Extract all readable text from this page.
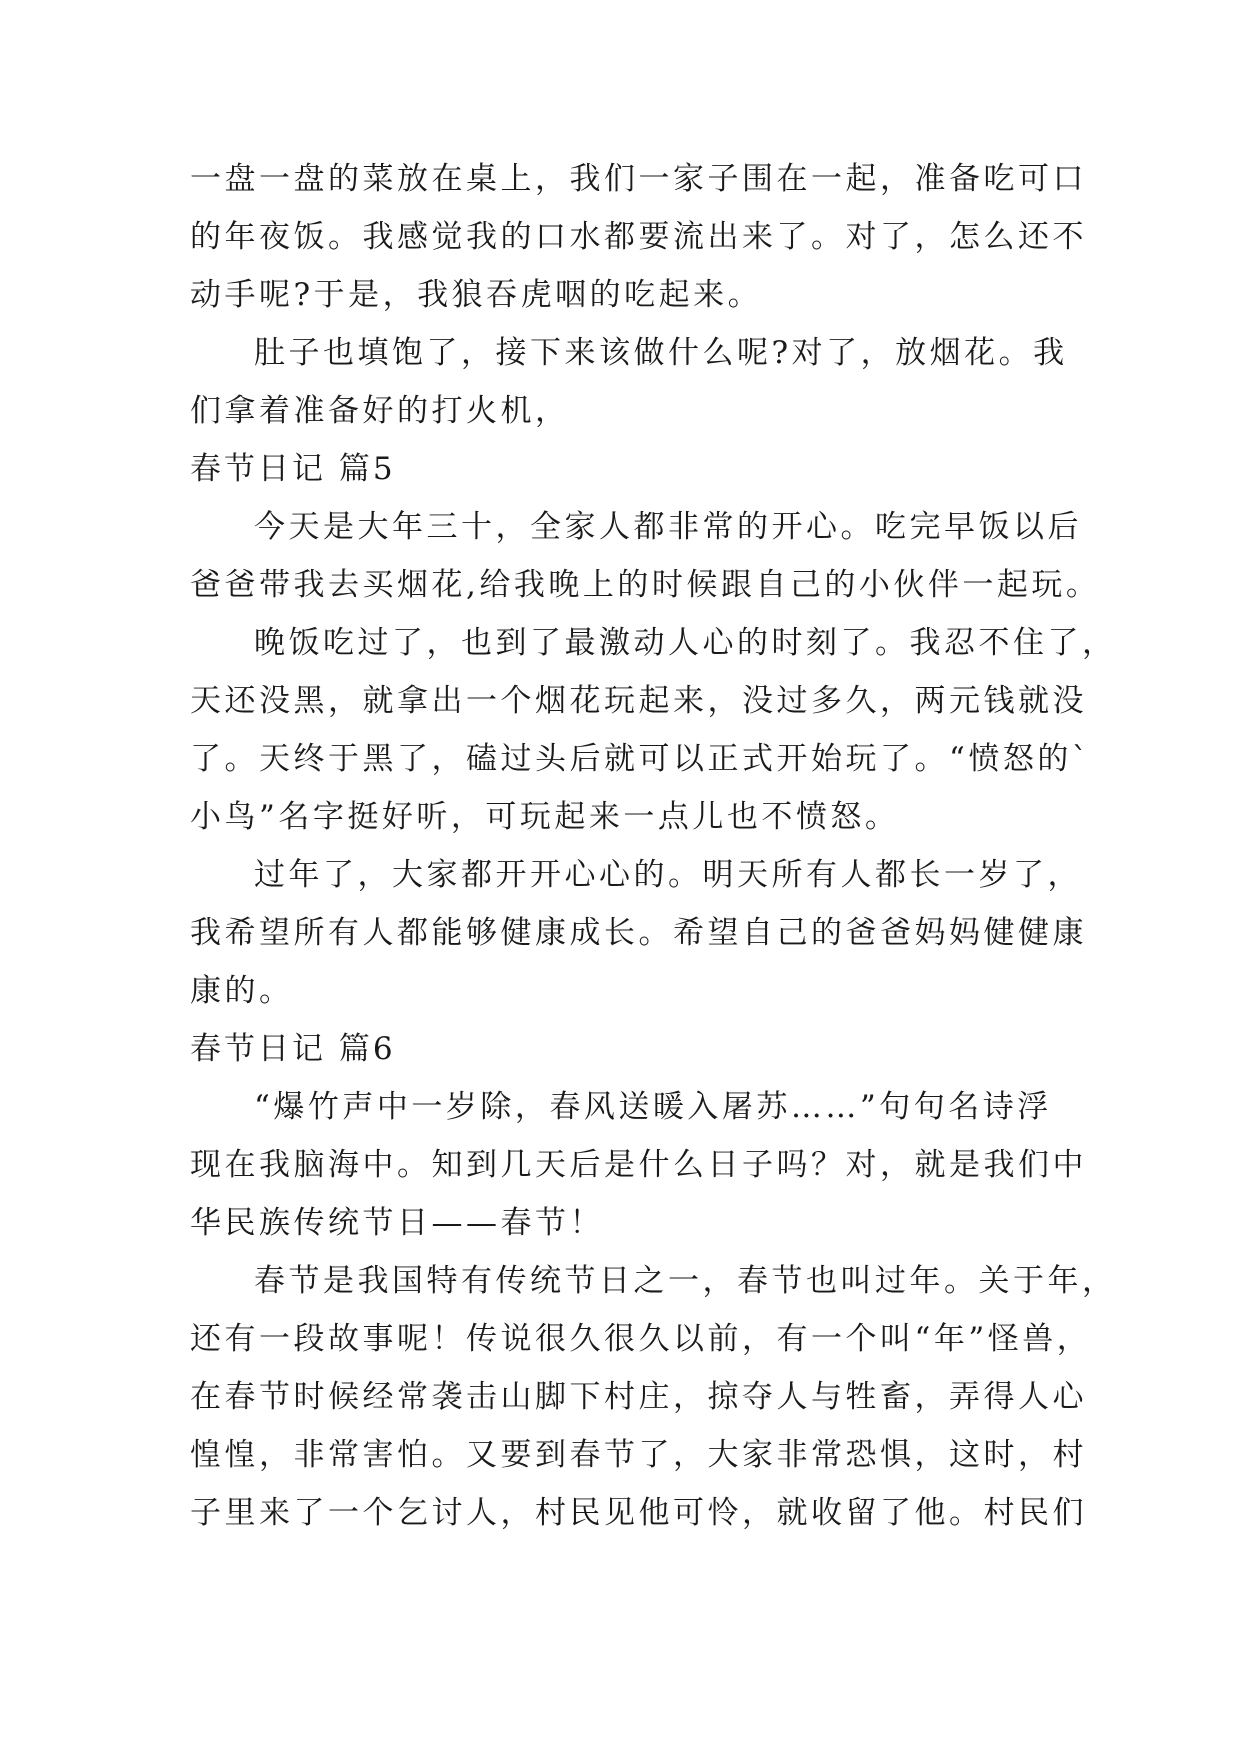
一盘一盘的菜放在桌上，我们一家子围在一起，准备吃可口
的年夜饭。我感觉我的口水都要流出来了。对了，怎么还不
动手呢?于是，我狼吞虎咽的吃起来。
肚子也填饱了，接下来该做什么呢?对了，放烟花。我
们拿着准备好的打火机，
春节日记 篇5
今天是大年三十，全家人都非常的开心。吃完早饭以后
爸爸带我去买烟花,给我晚上的时候跟自己的小伙伴一起玩。
晚饭吃过了，也到了最激动人心的时刻了。我忍不住了，
天还没黑，就拿出一个烟花玩起来，没过多久，两元钱就没
了。天终于黑了，磕过头后就可以正式开始玩了。“愤怒的`
小鸟”名字挺好听，可玩起来一点儿也不愤怒。
过年了，大家都开开心心的。明天所有人都长一岁了，
我希望所有人都能够健康成长。希望自己的爸爸妈妈健健康
康的。
春节日记 篇6
“爆竹声中一岁除，春风送暖入屠苏……”句句名诗浮
现在我脑海中。知到几天后是什么日子吗？对，就是我们中
华民族传统节日——春节！
春节是我国特有传统节日之一，春节也叫过年。关于年，
还有一段故事呢！传说很久很久以前，有一个叫“年”怪兽，
在春节时候经常袭击山脚下村庄，掠夺人与牲畜，弄得人心
惶惶，非常害怕。又要到春节了，大家非常恐惧，这时，村
子里来了一个乞讨人，村民见他可怜，就收留了他。村民们
